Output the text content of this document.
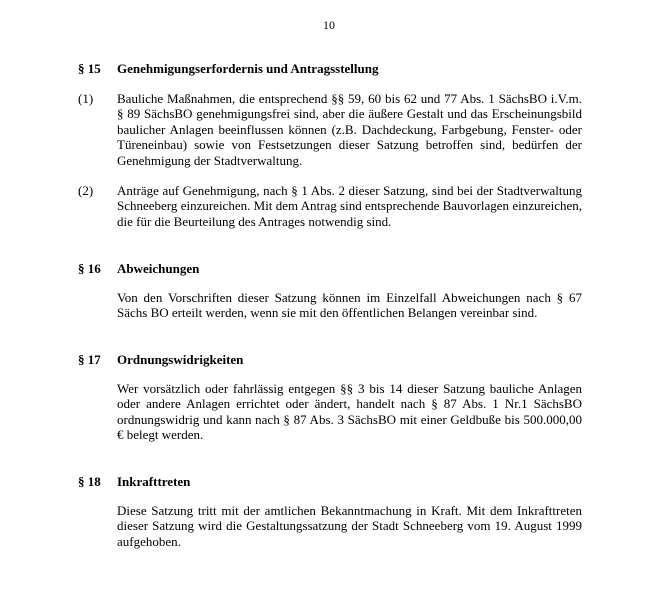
10
§ 15 Genehmigungserfordernis und Antragsstellung
(1) Bauliche Maßnahmen, die entsprechend §§ 59, 60 bis 62 und 77 Abs. 1 SächsBO i.V.m. § 89 SächsBO genehmigungsfrei sind, aber die äußere Gestalt und das Erscheinungsbild baulicher Anlagen beeinflussen können (z.B. Dachdeckung, Farbgebung, Fenster- oder Türeneinbau) sowie von Festsetzungen dieser Satzung betroffen sind, bedürfen der Genehmigung der Stadtverwaltung.
(2) Anträge auf Genehmigung, nach § 1 Abs. 2 dieser Satzung, sind bei der Stadtverwaltung Schneeberg einzureichen. Mit dem Antrag sind entsprechende Bauvorlagen einzureichen, die für die Beurteilung des Antrages notwendig sind.
§ 16 Abweichungen
Von den Vorschriften dieser Satzung können im Einzelfall Abweichungen nach § 67 Sächs BO erteilt werden, wenn sie mit den öffentlichen Belangen vereinbar sind.
§ 17 Ordnungswidrigkeiten
Wer vorsätzlich oder fahrlässig entgegen §§ 3 bis 14 dieser Satzung bauliche Anlagen oder andere Anlagen errichtet oder ändert, handelt nach § 87 Abs. 1 Nr.1 SächsBO ordnungswidrig und kann nach § 87 Abs. 3 SächsBO mit einer Geldbuße bis 500.000,00 € belegt werden.
§ 18 Inkrafttreten
Diese Satzung tritt mit der amtlichen Bekanntmachung in Kraft. Mit dem Inkrafttreten dieser Satzung wird die Gestaltungssatzung der Stadt Schneeberg vom 19. August 1999 aufgehoben.
